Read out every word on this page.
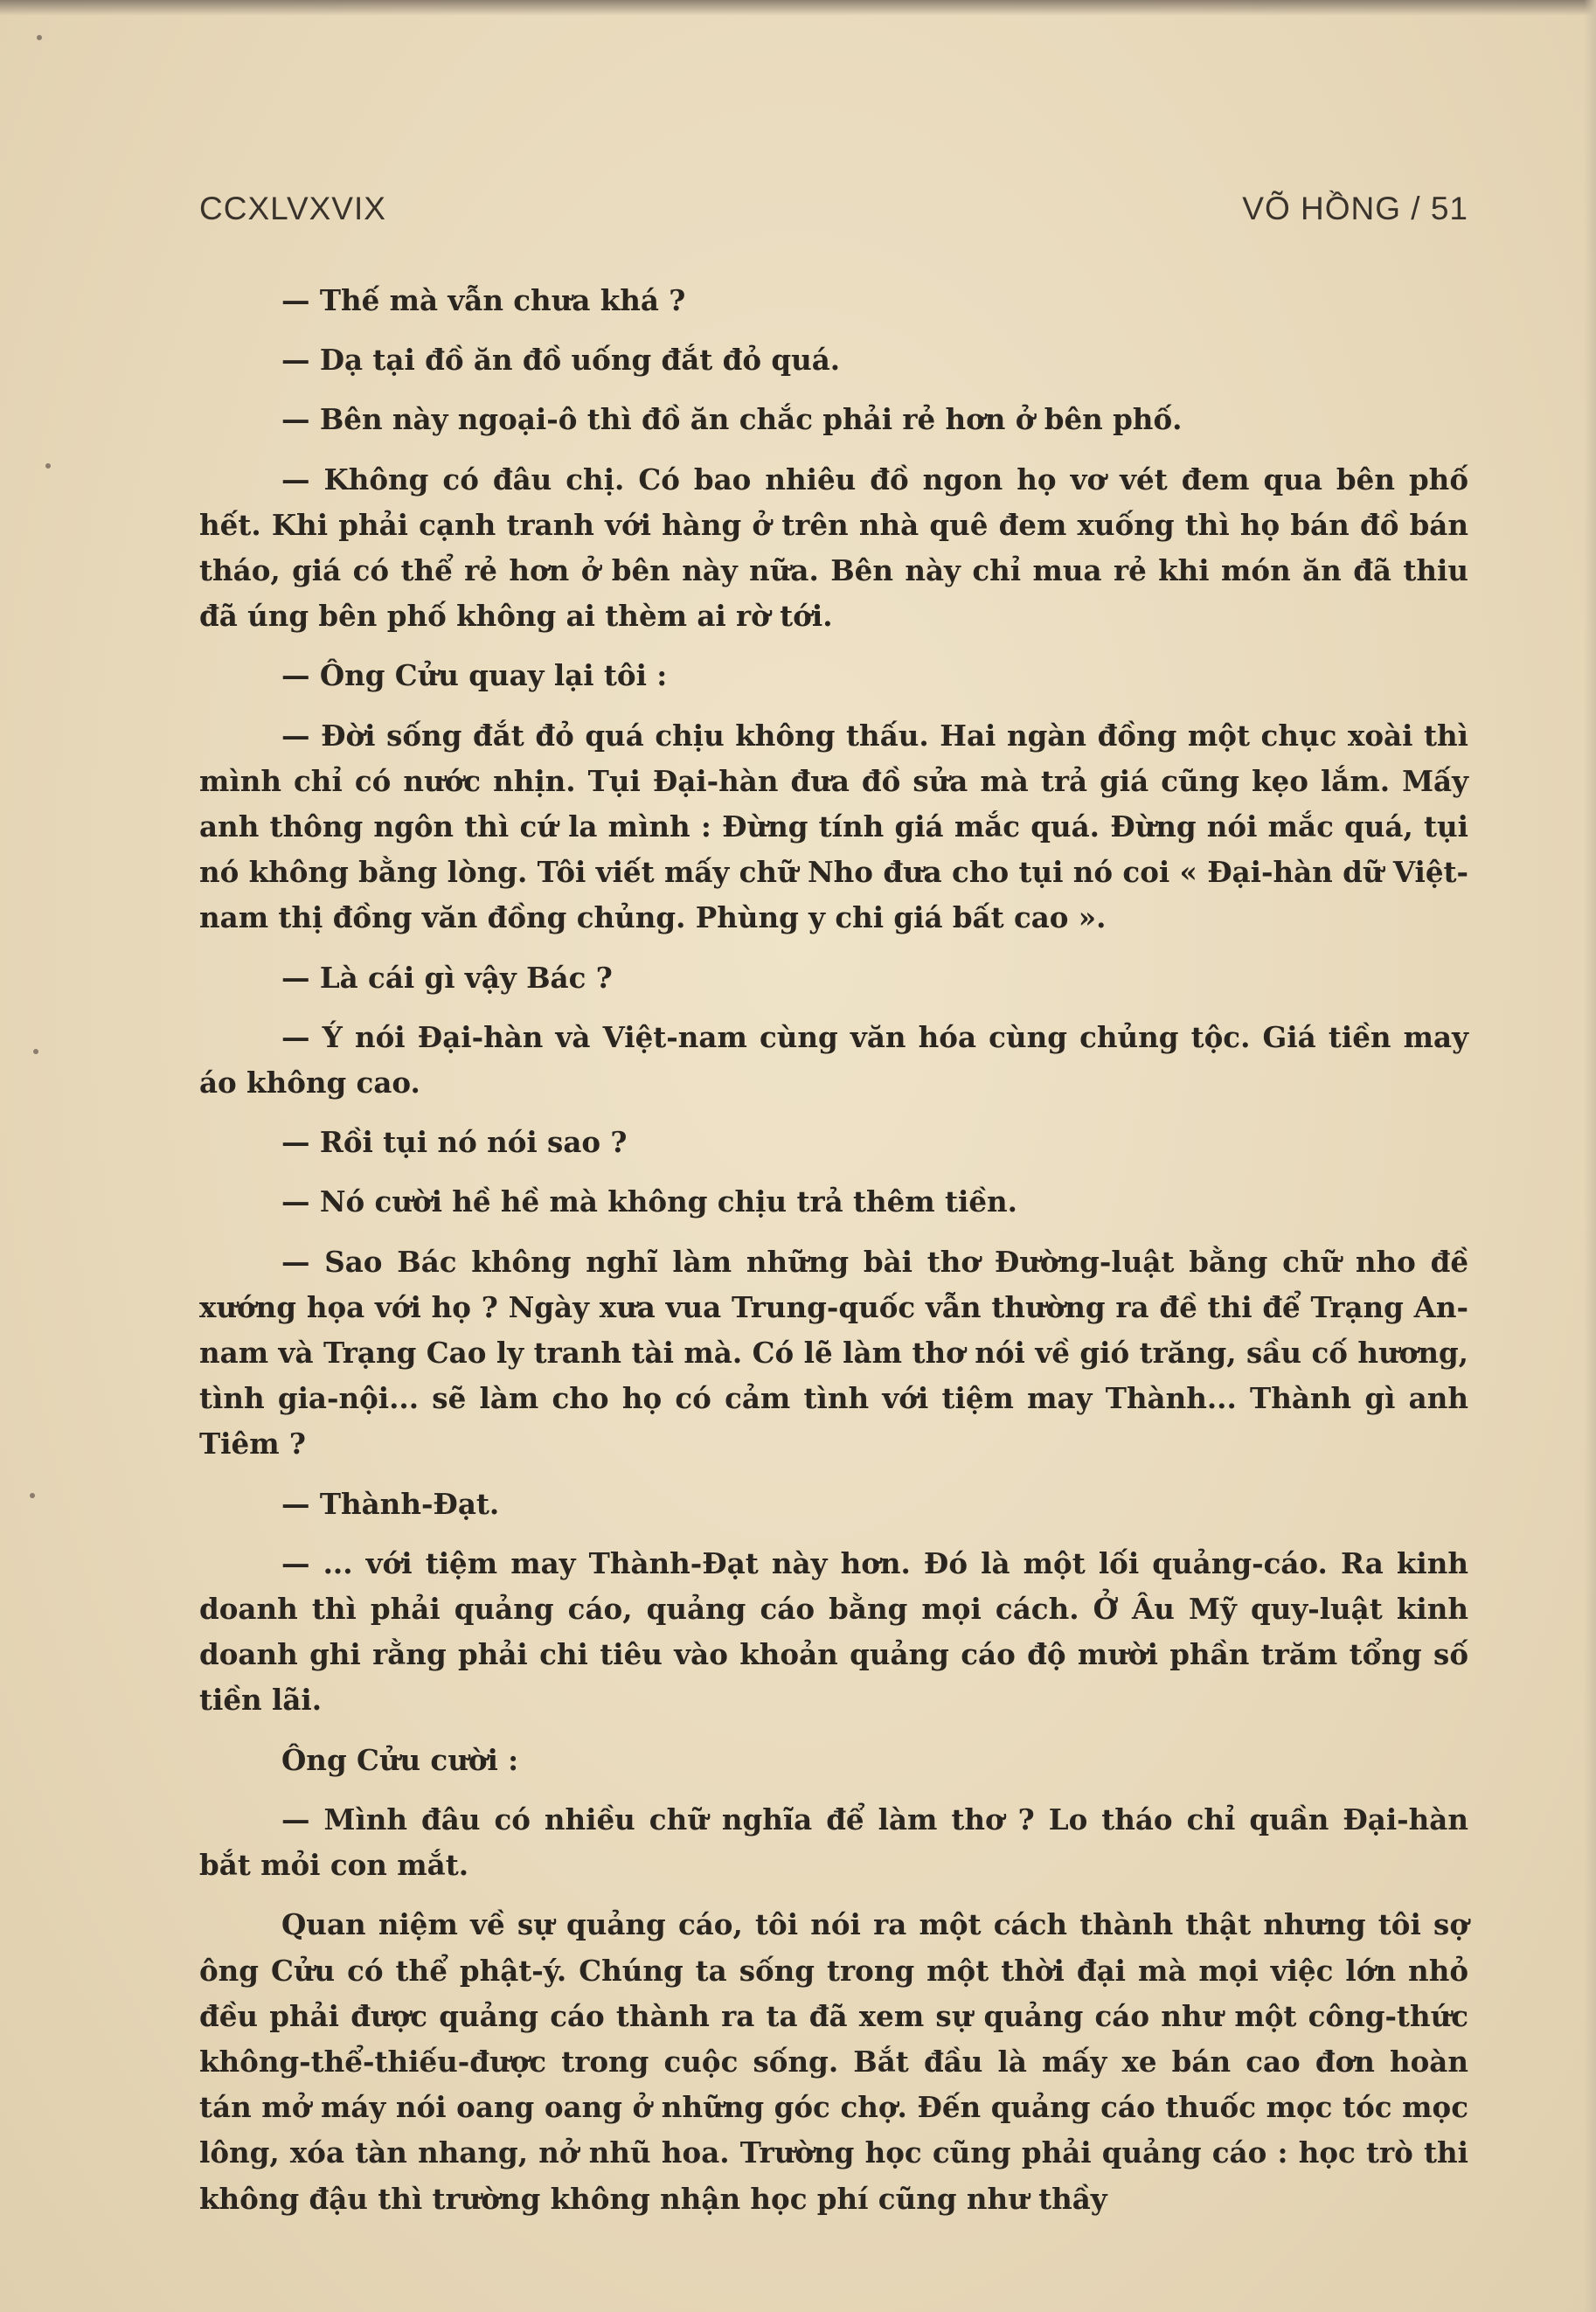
CCXLVXVIX	VÕ HỒNG / 51

— Thế mà vẫn chưa khá ?

— Dạ tại đồ ăn đồ uống đắt đỏ quá.

— Bên này ngoại-ô thì đồ ăn chắc phải rẻ hơn ở bên phố.

— Không có đâu chị. Có bao nhiêu đồ ngon họ vơ vét đem qua bên phố hết. Khi phải cạnh tranh với hàng ở trên nhà quê đem xuống thì họ bán đồ bán tháo, giá có thể rẻ hơn ở bên này nữa. Bên này chỉ mua rẻ khi món ăn đã thiu đã úng bên phố không ai thèm ai rờ tới.

— Ông Cửu quay lại tôi :

— Đời sống đắt đỏ quá chịu không thấu. Hai ngàn đồng một chục xoài thì mình chỉ có nước nhịn. Tụi Đại-hàn đưa đồ sửa mà trả giá cũng kẹo lắm. Mấy anh thông ngôn thì cứ la mình : Đừng tính giá mắc quá. Đừng nói mắc quá, tụi nó không bằng lòng. Tôi viết mấy chữ Nho đưa cho tụi nó coi « Đại-hàn dữ Việt-nam thị đồng văn đồng chủng. Phùng y chi giá bất cao ».

— Là cái gì vậy Bác ?

— Ý nói Đại-hàn và Việt-nam cùng văn hóa cùng chủng tộc. Giá tiền may áo không cao.

— Rồi tụi nó nói sao ?

— Nó cười hề hề mà không chịu trả thêm tiền.

— Sao Bác không nghĩ làm những bài thơ Đường-luật bằng chữ nho đề xướng họa với họ ? Ngày xưa vua Trung-quốc vẫn thường ra đề thi để Trạng An-nam và Trạng Cao ly tranh tài mà. Có lẽ làm thơ nói về gió trăng, sầu cố hương, tình gia-nội... sẽ làm cho họ có cảm tình với tiệm may Thành... Thành gì anh Tiêm ?

— Thành-Đạt.

— ... với tiệm may Thành-Đạt này hơn. Đó là một lối quảng-cáo. Ra kinh doanh thì phải quảng cáo, quảng cáo bằng mọi cách. Ở Âu Mỹ quy-luật kinh doanh ghi rằng phải chi tiêu vào khoản quảng cáo độ mười phần trăm tổng số tiền lãi.

Ông Cửu cười :

— Mình đâu có nhiều chữ nghĩa để làm thơ ? Lo tháo chỉ quần Đại-hàn bắt mỏi con mắt.

Quan niệm về sự quảng cáo, tôi nói ra một cách thành thật nhưng tôi sợ ông Cửu có thể phật-ý. Chúng ta sống trong một thời đại mà mọi việc lớn nhỏ đều phải được quảng cáo thành ra ta đã xem sự quảng cáo như một công-thức không-thể-thiếu-được trong cuộc sống. Bắt đầu là mấy xe bán cao đơn hoàn tán mở máy nói oang oang ở những góc chợ. Đến quảng cáo thuốc mọc tóc mọc lông, xóa tàn nhang, nở nhũ hoa. Trường học cũng phải quảng cáo : học trò thi không đậu thì trường không nhận học phí cũng như thầy
